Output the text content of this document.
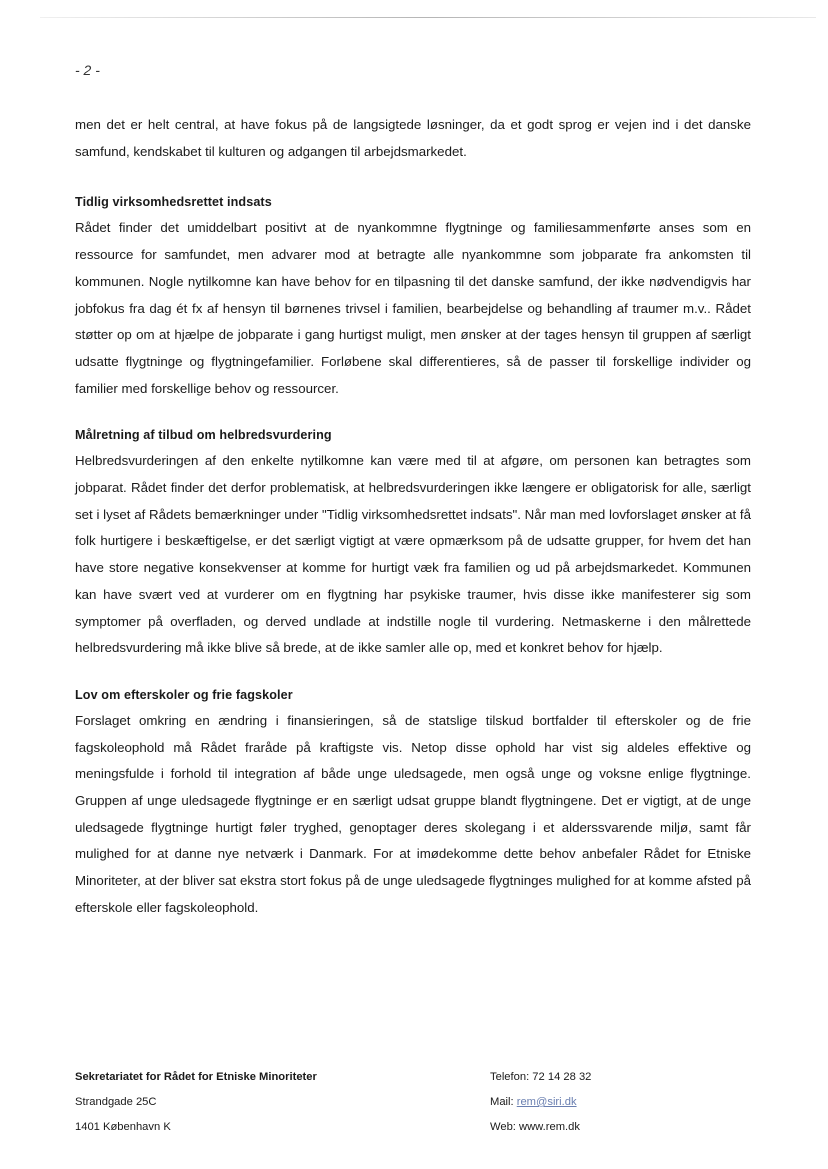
- 2 -

men det er helt central, at have fokus på de langsigtede løsninger, da et godt sprog er vejen ind i det danske samfund, kendskabet til kulturen og adgangen til arbejdsmarkedet.

Tidlig virksomhedsrettet indsats

Rådet finder det umiddelbart positivt at de nyankommne flygtninge og familiesammenførte anses som en ressource for samfundet, men advarer mod at betragte alle nyankommne som jobparate fra ankomsten til kommunen. Nogle nytilkomne kan have behov for en tilpasning til det danske samfund, der ikke nødvendigvis har jobfokus fra dag ét fx af hensyn til børnenes trivsel i familien, bearbejdelse og behandling af traumer m.v.. Rådet støtter op om at hjælpe de jobparate i gang hurtigst muligt, men ønsker at der tages hensyn til gruppen af særligt udsatte flygtninge og flygtningefamilier. Forløbene skal differentieres, så de passer til forskellige individer og familier med forskellige behov og ressourcer.

Målretning af tilbud om helbredsvurdering

Helbredsvurderingen af den enkelte nytilkomne kan være med til at afgøre, om personen kan betragtes som jobparat. Rådet finder det derfor problematisk, at helbredsvurderingen ikke længere er obligatorisk for alle, særligt set i lyset af Rådets bemærkninger under "Tidlig virksomhedsrettet indsats". Når man med lovforslaget ønsker at få folk hurtigere i beskæftigelse, er det særligt vigtigt at være opmærksom på de udsatte grupper, for hvem det han have store negative konsekvenser at komme for hurtigt væk fra familien og ud på arbejdsmarkedet. Kommunen kan have svært ved at vurderer om en flygtning har psykiske traumer, hvis disse ikke manifesterer sig som symptomer på overfladen, og derved undlade at indstille nogle til vurdering. Netmaskerne i den målrettede helbredsvurdering må ikke blive så brede, at de ikke samler alle op, med et konkret behov for hjælp.

Lov om efterskoler og frie fagskoler

Forslaget omkring en ændring i finansieringen, så de statslige tilskud bortfalder til efterskoler og de frie fagskoleophold må Rådet fraråde på kraftigste vis. Netop disse ophold har vist sig aldeles effektive og meningsfulde i forhold til integration af både unge uledsagede, men også unge og voksne enlige flygtninge. Gruppen af unge uledsagede flygtninge er en særligt udsat gruppe blandt flygtningene. Det er vigtigt, at de unge uledsagede flygtninge hurtigt føler tryghed, genoptager deres skolegang i et alderssvarende miljø, samt får mulighed for at danne nye netværk i Danmark. For at imødekomme dette behov anbefaler Rådet for Etniske Minoriteter, at der bliver sat ekstra stort fokus på de unge uledsagede flygtninges mulighed for at komme afsted på efterskole eller fagskoleophold.

Sekretariatet for Rådet for Etniske Minoriteter
Strandgade 25C
1401 København K
Telefon: 72 14 28 32
Mail: rem@siri.dk
Web: www.rem.dk
